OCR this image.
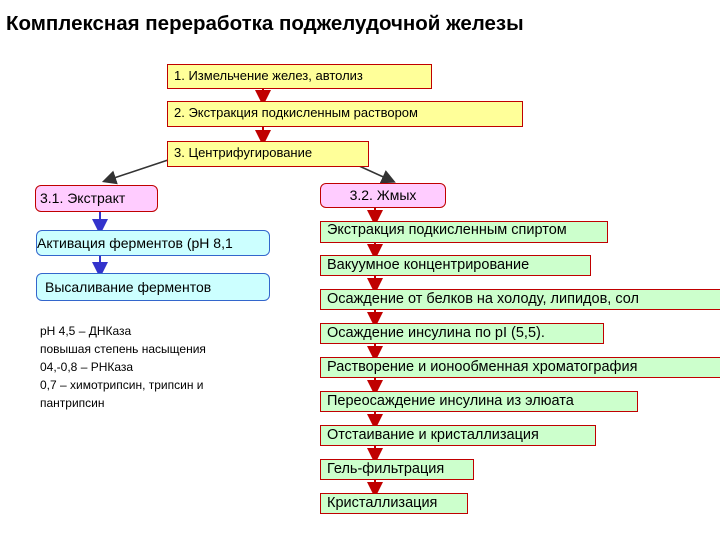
Комплексная переработка поджелудочной железы
1. Измельчение желез, автолиз
2. Экстракция подкисленным раствором
3. Центрифугирование
3.1. Экстракт
Активация ферментов (рН 8,1
Высаливание ферментов
рН 4,5 – ДНКаза
повышая степень насыщения
04,-0,8 – РНКаза
0,7 – химотрипсин, трипсин и
пантрипсин
3.2. Жмых
Экстракция подкисленным спиртом
Вакуумное концентрирование
Осаждение от белков на холоду, липидов, сол
Осаждение инсулина по pI (5,5).
Растворение и ионообменная хроматография
Переосаждение инсулина из элюата
Отстаивание и кристаллизация
Гель-фильтрация
Кристаллизация
